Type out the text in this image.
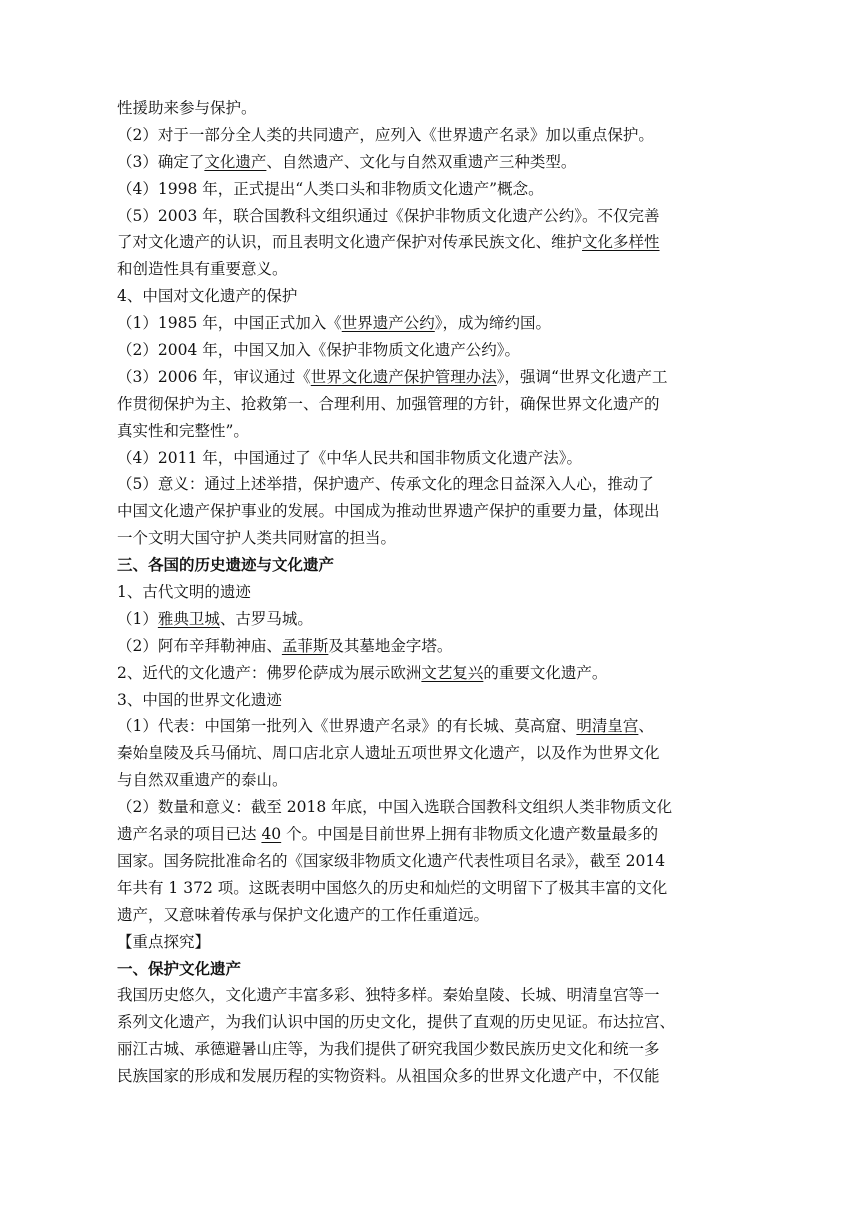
性援助来参与保护。
（2）对于一部分全人类的共同遗产，应列入《世界遗产名录》加以重点保护。
（3）确定了文化遗产、自然遗产、文化与自然双重遗产三种类型。
（4）1998 年，正式提出“人类口头和非物质文化遗产”概念。
（5）2003 年，联合国教科文组织通过《保护非物质文化遗产公约》。不仅完善
了对文化遗产的认识，而且表明文化遗产保护对传承民族文化、维护文化多样性
和创造性具有重要意义。
4、中国对文化遗产的保护
（1）1985 年，中国正式加入《世界遗产公约》，成为缔约国。
（2）2004 年，中国又加入《保护非物质文化遗产公约》。
（3）2006 年，审议通过《世界文化遗产保护管理办法》，强调“世界文化遗产工
作贯彻保护为主、抢救第一、合理利用、加强管理的方针，确保世界文化遗产的
真实性和完整性”。
（4）2011 年，中国通过了《中华人民共和国非物质文化遗产法》。
（5）意义：通过上述举措，保护遗产、传承文化的理念日益深入人心，推动了
中国文化遗产保护事业的发展。中国成为推动世界遗产保护的重要力量，体现出
一个文明大国守护人类共同财富的担当。
三、各国的历史遗迹与文化遗产
1、古代文明的遗迹
（1）雅典卫城、古罗马城。
（2）阿布辛拜勒神庙、孟菲斯及其墓地金字塔。
2、近代的文化遗产：佛罗伦萨成为展示欧洲文艺复兴的重要文化遗产。
3、中国的世界文化遗迹
（1）代表：中国第一批列入《世界遗产名录》的有长城、莫高窟、明清皇宫、
秦始皇陵及兵马俑坑、周口店北京人遗址五项世界文化遗产，以及作为世界文化
与自然双重遗产的泰山。
（2）数量和意义：截至 2018 年底，中国入选联合国教科文组织人类非物质文化
遗产名录的项目已达 40 个。中国是目前世界上拥有非物质文化遗产数量最多的
国家。国务院批准命名的《国家级非物质文化遗产代表性项目名录》，截至 2014
年共有 1 372 项。这既表明中国悠久的历史和灿烂的文明留下了极其丰富的文化
遗产，又意味着传承与保护文化遗产的工作任重道远。
【重点探究】
一、保护文化遗产
我国历史悠久，文化遗产丰富多彩、独特多样。秦始皇陵、长城、明清皇宫等一
系列文化遗产，为我们认识中国的历史文化，提供了直观的历史见证。布达拉宫、
丽江古城、承德避暑山庄等，为我们提供了研究我国少数民族历史文化和统一多
民族国家的形成和发展历程的实物资料。从祖国众多的世界文化遗产中，不仅能
